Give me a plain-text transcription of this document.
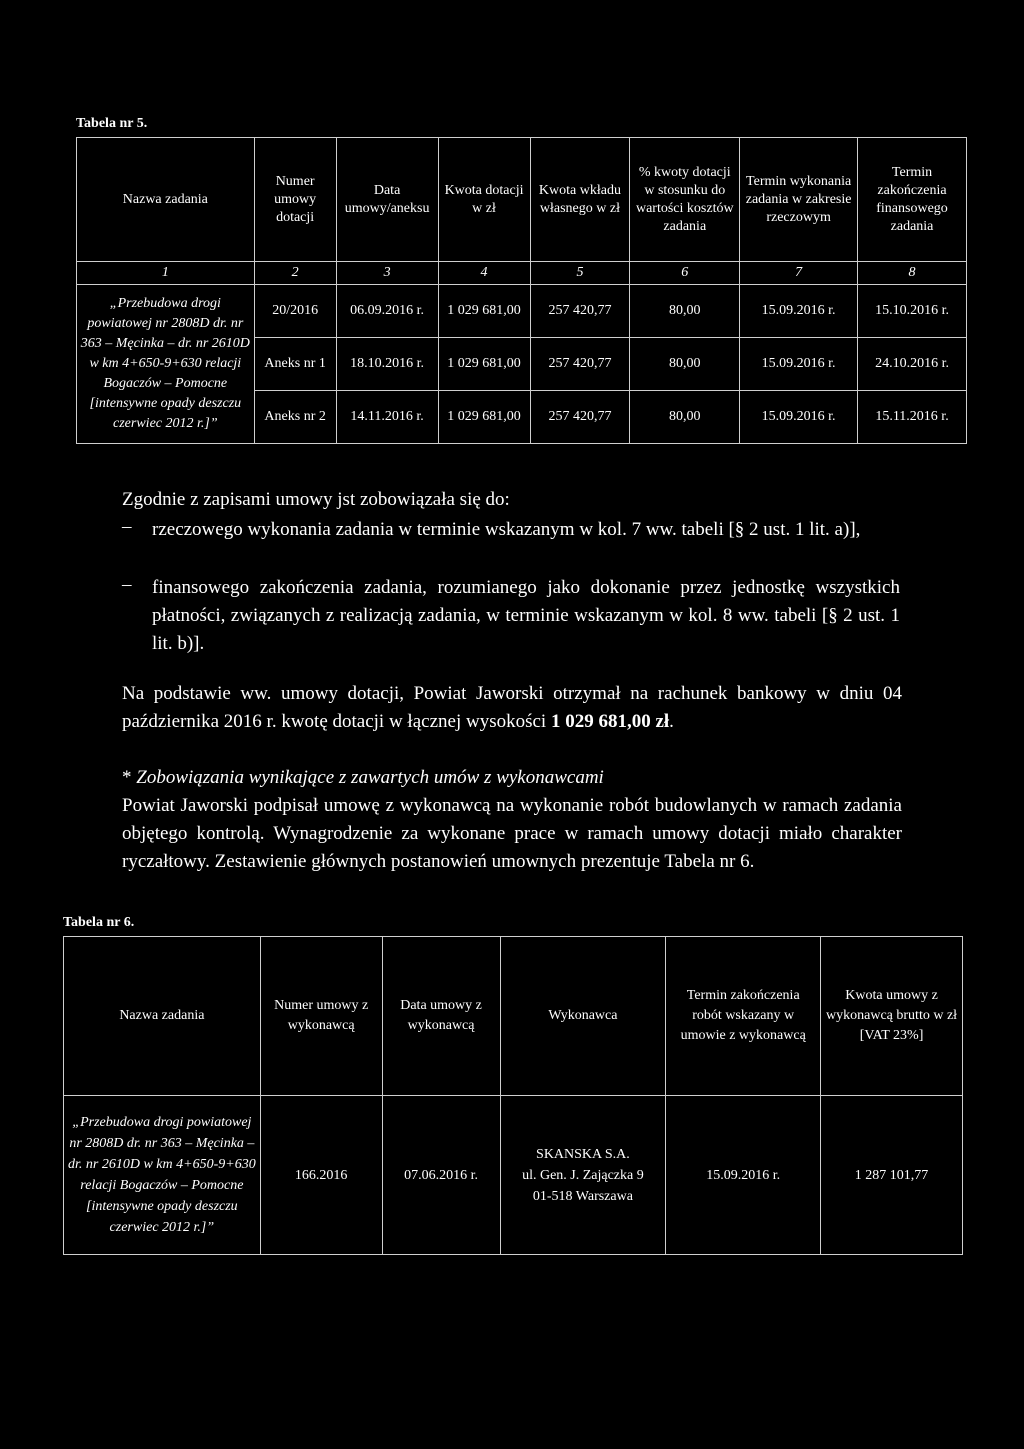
Tabela nr 5.
Nazwa zadania	Numer umowy dotacji	Data umowy/aneksu	Kwota dotacji w zł	Kwota wkładu własnego w zł	% kwoty dotacji w stosunku do wartości kosztów zadania	Termin wykonania zadania w zakresie rzeczowym	Termin zakończenia finansowego zadania
1	2	3	4	5	6	7	8
„Przebudowa drogi powiatowej nr 2808D dr. nr 363 – Męcinka – dr. nr 2610D w km 4+650-9+630 relacji Bogaczów – Pomocne [intensywne opady deszczu czerwiec 2012 r.]”	20/2016	06.09.2016 r.	1 029 681,00	257 420,77	80,00	15.09.2016 r.	15.10.2016 r.
	Aneks nr 1	18.10.2016 r.	1 029 681,00	257 420,77	80,00	15.09.2016 r.	24.10.2016 r.
	Aneks nr 2	14.11.2016 r.	1 029 681,00	257 420,77	80,00	15.09.2016 r.	15.11.2016 r.
Zgodnie z zapisami umowy jst zobowiązała się do:
– rzeczowego wykonania zadania w terminie wskazanym w kol. 7 ww. tabeli [§ 2 ust. 1 lit. a)],
– finansowego zakończenia zadania, rozumianego jako dokonanie przez jednostkę wszystkich płatności, związanych z realizacją zadania, w terminie wskazanym w kol. 8 ww. tabeli [§ 2 ust. 1 lit. b)].
Na podstawie ww. umowy dotacji, Powiat Jaworski otrzymał na rachunek bankowy w dniu 04 października 2016 r. kwotę dotacji w łącznej wysokości 1 029 681,00 zł.
* Zobowiązania wynikające z zawartych umów z wykonawcami
Powiat Jaworski podpisał umowę z wykonawcą na wykonanie robót budowlanych w ramach zadania objętego kontrolą. Wynagrodzenie za wykonane prace w ramach umowy dotacji miało charakter ryczałtowy. Zestawienie głównych postanowień umownych prezentuje Tabela nr 6.
Tabela nr 6.
Nazwa zadania	Numer umowy z wykonawcą	Data umowy z wykonawcą	Wykonawca	Termin zakończenia robót wskazany w umowie z wykonawcą	Kwota umowy z wykonawcą brutto w zł [VAT 23%]
„Przebudowa drogi powiatowej nr 2808D dr. nr 363 – Męcinka – dr. nr 2610D w km 4+650-9+630 relacji Bogaczów – Pomocne [intensywne opady deszczu czerwiec 2012 r.]”	166.2016	07.06.2016 r.	SKANSKA S.A.
ul. Gen. J. Zajączka 9
01-518 Warszawa	15.09.2016 r.	1 287 101,77
